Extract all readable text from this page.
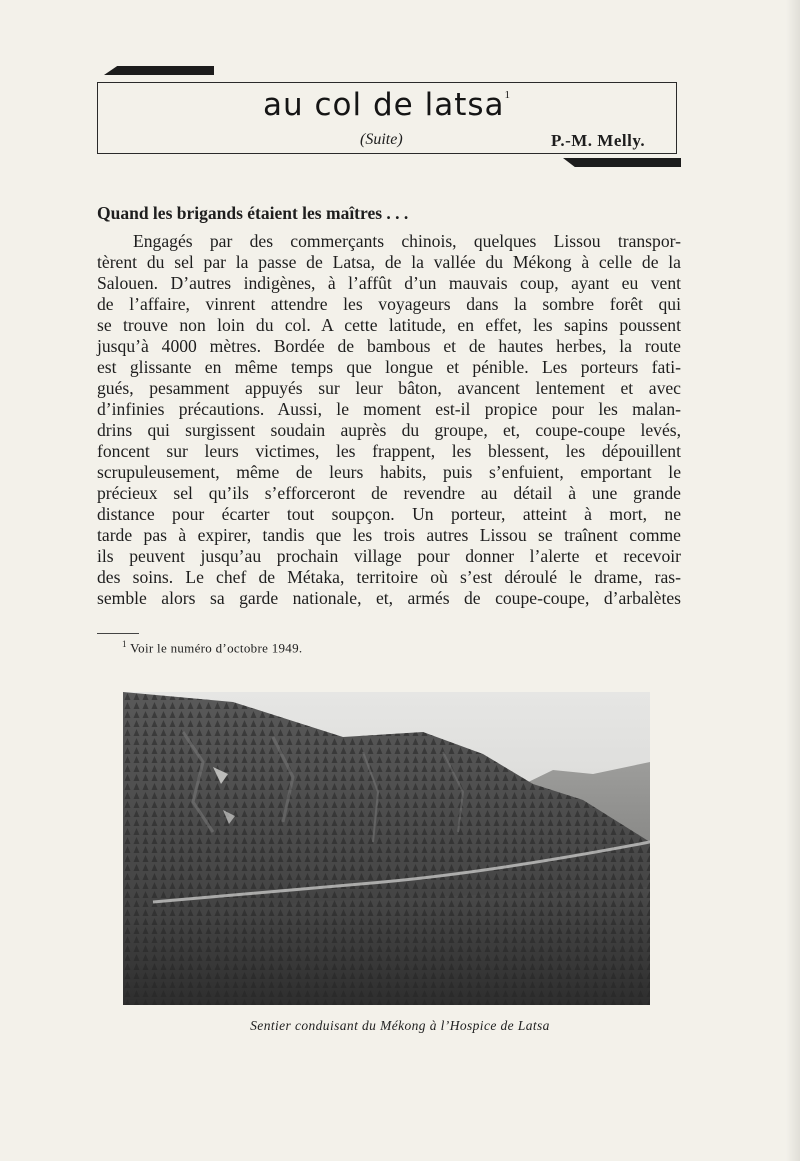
au col de latsa$^1$
(Suite)	P.-M. Melly.
Quand les brigands étaient les maîtres . . .
Engagés par des commerçants chinois, quelques Lissou transpor-
tèrent du sel par la passe de Latsa, de la vallée du Mékong à celle de la
Salouen. D’autres indigènes, à l’affût d’un mauvais coup, ayant eu vent
de l’affaire, vinrent attendre les voyageurs dans la sombre forêt qui
se trouve non loin du col. A cette latitude, en effet, les sapins poussent
jusqu’à 4000 mètres. Bordée de bambous et de hautes herbes, la route
est glissante en même temps que longue et pénible. Les porteurs fati-
gués, pesamment appuyés sur leur bâton, avancent lentement et avec
d’infinies précautions. Aussi, le moment est-il propice pour les malan-
drins qui surgissent soudain auprès du groupe, et, coupe-coupe levés,
foncent sur leurs victimes, les frappent, les blessent, les dépouillent
scrupuleusement, même de leurs habits, puis s’enfuient, emportant le
précieux sel qu’ils s’efforceront de revendre au détail à une grande
distance pour écarter tout soupçon. Un porteur, atteint à mort, ne
tarde pas à expirer, tandis que les trois autres Lissou se traînent comme
ils peuvent jusqu’au prochain village pour donner l’alerte et recevoir
des soins. Le chef de Métaka, territoire où s’est déroulé le drame, ras-
semble alors sa garde nationale, et, armés de coupe-coupe, d’arbalètes
$^1$ Voir le numéro d’octobre 1949.
Sentier conduisant du Mékong à l’Hospice de Latsa
